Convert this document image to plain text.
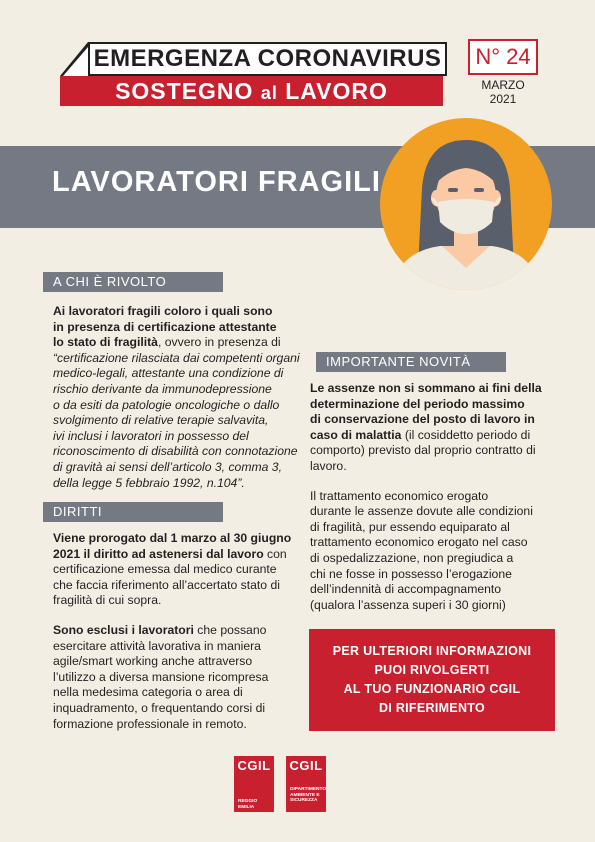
EMERGENZA CORONAVIRUS
SOSTEGNO al LAVORO
N° 24
MARZO
2021
LAVORATORI FRAGILI
A CHI È RIVOLTO
Ai lavoratori fragili coloro i quali sono
in presenza di certificazione attestante
lo stato di fragilità, ovvero in presenza di
“certificazione rilasciata dai competenti organi
medico-legali, attestante una condizione di
rischio derivante da immunodepressione
o da esiti da patologie oncologiche o dallo
svolgimento di relative terapie salvavita,
ivi inclusi i lavoratori in possesso del
riconoscimento di disabilità con connotazione
di gravità ai sensi dell’articolo 3, comma 3,
della legge 5 febbraio 1992, n.104”.
DIRITTI
Viene prorogato dal 1 marzo al 30 giugno
2021 il diritto ad astenersi dal lavoro con
certificazione emessa dal medico curante
che faccia riferimento all’accertato stato di
fragilità di cui sopra.
Sono esclusi i lavoratori che possano
esercitare attività lavorativa in maniera
agile/smart working anche attraverso
l’utilizzo a diversa mansione ricompresa
nella medesima categoria o area di
inquadramento, o frequentando corsi di
formazione professionale in remoto.
IMPORTANTE NOVITÀ
Le assenze non si sommano ai fini della
determinazione del periodo massimo
di conservazione del posto di lavoro in
caso di malattia (il cosiddetto periodo di
comporto) previsto dal proprio contratto di
lavoro.
Il trattamento economico erogato
durante le assenze dovute alle condizioni
di fragilità, pur essendo equiparato al
trattamento economico erogato nel caso
di ospedalizzazione, non pregiudica a
chi ne fosse in possesso l’erogazione
dell’indennità di accompagnamento
(qualora l’assenza superi i 30 giorni)
PER ULTERIORI INFORMAZIONI
PUOI RIVOLGERTI
AL TUO FUNZIONARIO CGIL
DI RIFERIMENTO
CGIL
REGGIO EMILIA
CGIL
DIPARTIMENTO
AMBIENTE E
SICUREZZA
